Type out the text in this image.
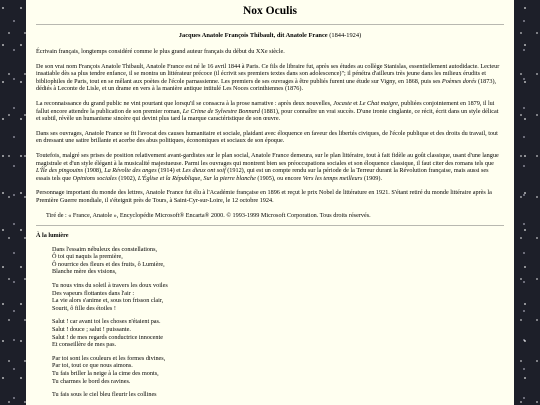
Nox Oculis
Jacques Anatole François Thibault, dit Anatole France (1844-1924)

Écrivain français, longtemps considéré comme le plus grand auteur français du début du XXe siècle.

De son vrai nom François Anatole Thibault, Anatole France est né le 16 avril 1844 à Paris. Ce fils de libraire fut, après ses études au collège Stanislas, essentiellement autodidacte. Lecteur insatiable dès sa plus tendre enfance, il se montra un littérateur précoce (il écrivit ses premiers textes dans son adolescence)"; il pénétra d'ailleurs très jeune dans les milieux érudits et bibliophiles de Paris, tout en se mêlant aux poètes de l'école parnassienne. Les premiers de ses ouvrages à être publiés furent une étude sur Vigny, en 1868, puis ses Poèmes dorés (1873), dédiés à Leconte de Lisle, et un drame en vers à la manière antique intitulé Les Noces corinthiennes (1876).

La reconnaissance du grand public ne vint pourtant que lorsqu'il se consacra à la prose narrative : après deux nouvelles, Jocaste et Le Chat maigre, publiées conjointement en 1879, il lui fallut encore attendre la publication de son premier roman, Le Crime de Sylvestre Bonnard (1881), pour connaître un vrai succès. D'une ironie cinglante, ce récit, écrit dans un style délicat et subtil, révèle un humanisme sincère qui devint plus tard la marque caractéristique de son œuvre.

Dans ses ouvrages, Anatole France se fit l'avocat des causes humanitaire et sociale, plaidant avec éloquence en faveur des libertés civiques, de l'école publique et des droits du travail, tout en dressant une satire brillante et acerbe des abus politiques, économiques et sociaux de son époque.

Toutefois, malgré ses prises de position relativement avant-gardistes sur le plan social, Anatole France demeura, sur le plan littéraire, tout à fait fidèle au goût classique, usant d'une langue magistrale et d'un style élégant à la musicalité majestueuse. Parmi les ouvrages qui montrent bien ses préoccupations sociales et son éloquence classique, il faut citer des romans tels que L'Île des pingouins (1908), La Révolte des anges (1914) et Les dieux ont soif (1912), qui est un compte rendu sur la période de la Terreur durant la Révolution française, mais aussi ses essais tels que Opinions sociales (1902), L'Église et la République, Sur la pierre blanche (1905), ou encore Vers les temps meilleurs (1909).

Personnage important du monde des lettres, Anatole France fut élu à l'Académie française en 1896 et reçut le prix Nobel de littérature en 1921. S'étant retiré du monde littéraire après la Première Guerre mondiale, il s'éteignit près de Tours, à Saint-Cyr-sur-Loire, le 12 octobre 1924.

Tiré de : « France, Anatole », Encyclopédie Microsoft® Encarta® 2000. © 1993-1999 Microsoft Corporation. Tous droits réservés.
À la lumière
Dans l'essaim nébuleux des constellations,
Ô toi qui naquis la première,
Ô nourrice des fleurs et des fruits, ô Lumière,
Blanche mère des visions,
Tu nous vins du soleil à travers les doux voiles
Des vapeurs flottantes dans l'air :
La vie alors s'anime et, sous ton frisson clair,
Sourit, ô fille des étoiles !
Salut ! car avant toi les choses n'étaient pas.
Salut ! douce ; salut ! puissante.
Salut ! de mes regards conductrice innocente
Et conseillère de mes pas.
Par toi sont les couleurs et les formes divines,
Par toi, tout ce que nous aimons.
Tu fais briller la neige à la cime des monts,
Tu charmes le bord des ravines.
Tu fais sous le ciel bleu fleurir les collines
